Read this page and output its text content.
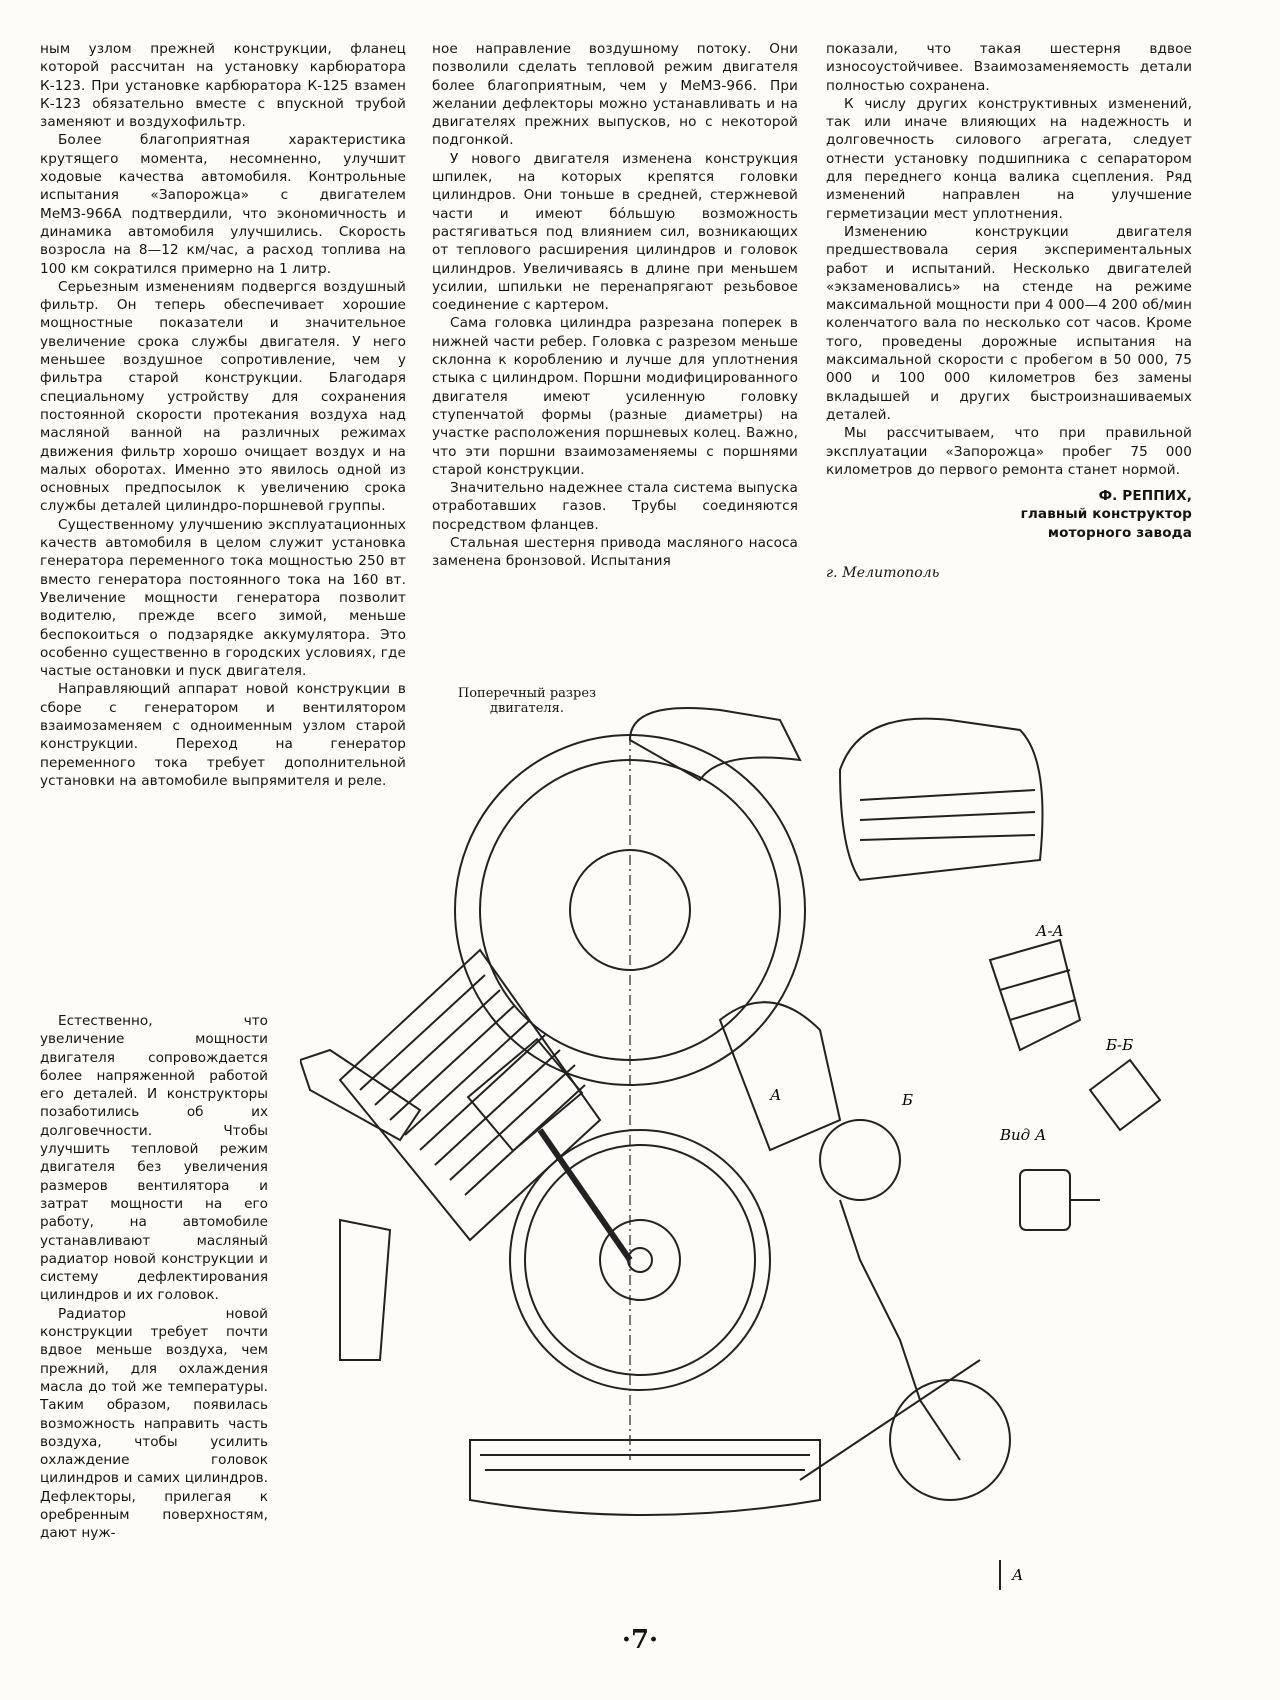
ным узлом прежней конструкции, фланец которой рассчитан на установку карбюратора К-123. При установке карбюратора К-125 взамен К-123 обязательно вместе с впускной трубой заменяют и воздухофильтр.

Более благоприятная характеристика крутящего момента, несомненно, улучшит ходовые качества автомобиля. Контрольные испытания «Запорожца» с двигателем МеМЗ-966А подтвердили, что экономичность и динамика автомобиля улучшились. Скорость возросла на 8—12 км/час, а расход топлива на 100 км сократился примерно на 1 литр.

Серьезным изменениям подвергся воздушный фильтр. Он теперь обеспечивает хорошие мощностные показатели и значительное увеличение срока службы двигателя. У него меньшее воздушное сопротивление, чем у фильтра старой конструкции. Благодаря специальному устройству для сохранения постоянной скорости протекания воздуха над масляной ванной на различных режимах движения фильтр хорошо очищает воздух и на малых оборотах. Именно это явилось одной из основных предпосылок к увеличению срока службы деталей цилиндро-поршневой группы.

Существенному улучшению эксплуатационных качеств автомобиля в целом служит установка генератора переменного тока мощностью 250 вт вместо генератора постоянного тока на 160 вт. Увеличение мощности генератора позволит водителю, прежде всего зимой, меньше беспокоиться о подзарядке аккумулятора. Это особенно существенно в городских условиях, где частые остановки и пуск двигателя.

Направляющий аппарат новой конструкции в сборе с генератором и вентилятором взаимозаменяем с одноименным узлом старой конструкции. Переход на генератор переменного тока требует дополнительной установки на автомобиле выпрямителя и реле.

Естественно, что увеличение мощности двигателя сопровождается более напряженной работой его деталей. И конструкторы позаботились об их долговечности. Чтобы улучшить тепловой режим двигателя без увеличения размеров вентилятора и затрат мощности на его работу, на автомобиле устанавливают масляный радиатор новой конструкции и систему дефлектирования цилиндров и их головок.

Радиатор новой конструкции требует почти вдвое меньше воздуха, чем прежний, для охлаждения масла до той же температуры. Таким образом, появилась возможность направить часть воздуха, чтобы усилить охлаждение головок цилиндров и самих цилиндров. Дефлекторы, прилегая к оребренным поверхностям, дают нуж-

ное направление воздушному потоку. Они позволили сделать тепловой режим двигателя более благоприятным, чем у МеМЗ-966. При желании дефлекторы можно устанавливать и на двигателях прежних выпусков, но с некоторой подгонкой.

У нового двигателя изменена конструкция шпилек, на которых крепятся головки цилиндров. Они тоньше в средней, стержневой части и имеют бо́льшую возможность растягиваться под влиянием сил, возникающих от теплового расширения цилиндров и головок цилиндров. Увеличиваясь в длине при меньшем усилии, шпильки не перенапрягают резьбовое соединение с картером.

Сама головка цилиндра разрезана поперек в нижней части ребер. Головка с разрезом меньше склонна к короблению и лучше для уплотнения стыка с цилиндром. Поршни модифицированного двигателя имеют усиленную головку ступенчатой формы (разные диаметры) на участке расположения поршневых колец. Важно, что эти поршни взаимозаменяемы с поршнями старой конструкции.

Значительно надежнее стала система выпуска отработавших газов. Трубы соединяются посредством фланцев.

Стальная шестерня привода масляного насоса заменена бронзовой. Испытания

показали, что такая шестерня вдвое износоустойчивее. Взаимозаменяемость детали полностью сохранена.

К числу других конструктивных изменений, так или иначе влияющих на надежность и долговечность силового агрегата, следует отнести установку подшипника с сепаратором для переднего конца валика сцепления. Ряд изменений направлен на улучшение герметизации мест уплотнения.

Изменению конструкции двигателя предшествовала серия экспериментальных работ и испытаний. Несколько двигателей «экзаменовались» на стенде на режиме максимальной мощности при 4 000—4 200 об/мин коленчатого вала по несколько сот часов. Кроме того, проведены дорожные испытания на максимальной скорости с пробегом в 50 000, 75 000 и 100 000 километров без замены вкладышей и других быстроизнашиваемых деталей.

Мы рассчитываем, что при правильной эксплуатации «Запорожца» пробег 75 000 километров до первого ремонта станет нормой.

Ф. РЕППИХ,
главный конструктор
моторного завода
г. Мелитополь
Поперечный разрез двигателя.
А-А
Б-Б
Вид А
А	Б
А
·7·
